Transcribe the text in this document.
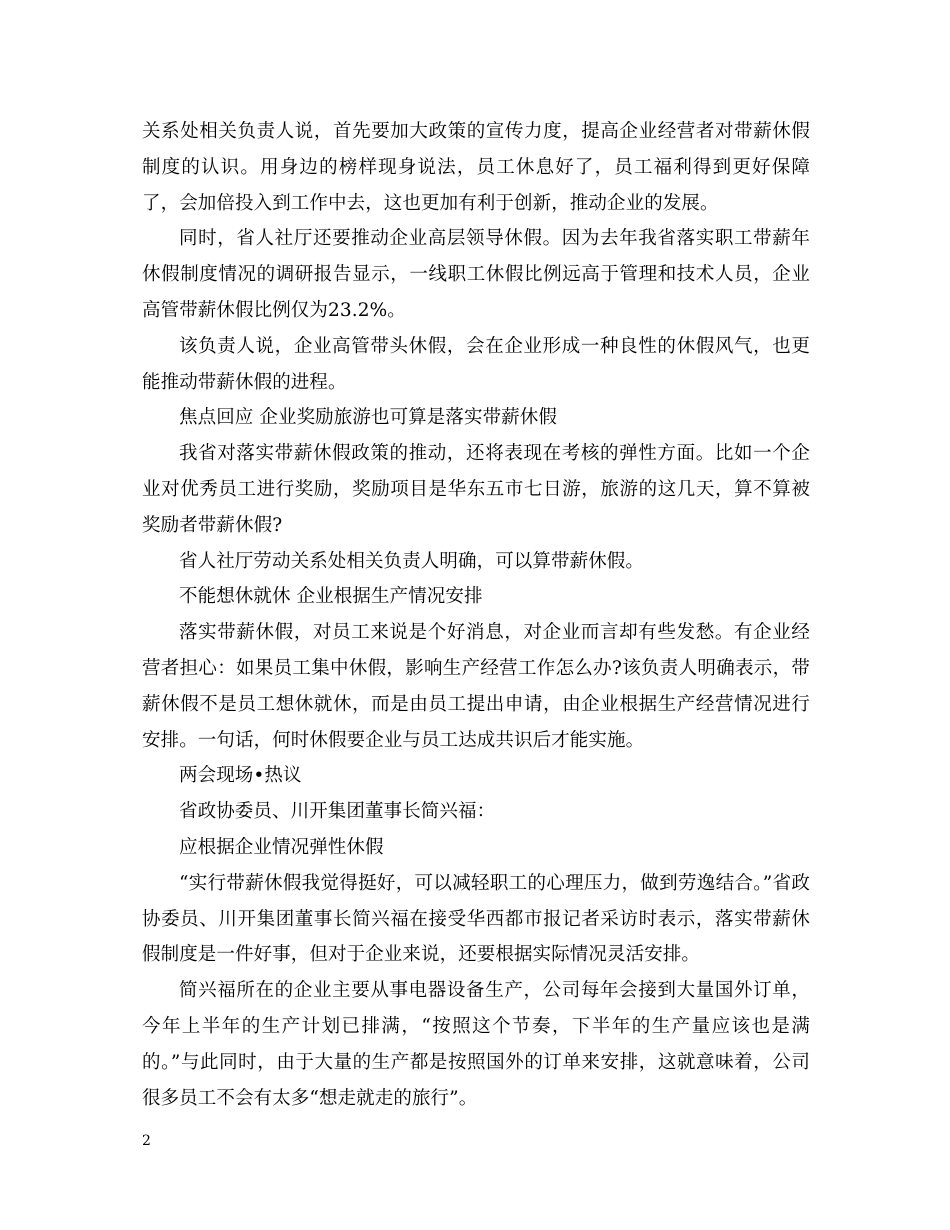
关系处相关负责人说，首先要加大政策的宣传力度，提高企业经营者对带薪休假制度的认识。用身边的榜样现身说法，员工休息好了，员工福利得到更好保障了，会加倍投入到工作中去，这也更加有利于创新，推动企业的发展。

同时，省人社厅还要推动企业高层领导休假。因为去年我省落实职工带薪年休假制度情况的调研报告显示，一线职工休假比例远高于管理和技术人员，企业高管带薪休假比例仅为23.2%。

该负责人说，企业高管带头休假，会在企业形成一种良性的休假风气，也更能推动带薪休假的进程。

焦点回应 企业奖励旅游也可算是落实带薪休假

我省对落实带薪休假政策的推动，还将表现在考核的弹性方面。比如一个企业对优秀员工进行奖励，奖励项目是华东五市七日游，旅游的这几天，算不算被奖励者带薪休假?

省人社厅劳动关系处相关负责人明确，可以算带薪休假。

不能想休就休 企业根据生产情况安排

落实带薪休假，对员工来说是个好消息，对企业而言却有些发愁。有企业经营者担心：如果员工集中休假，影响生产经营工作怎么办?该负责人明确表示，带薪休假不是员工想休就休，而是由员工提出申请，由企业根据生产经营情况进行安排。一句话，何时休假要企业与员工达成共识后才能实施。

两会现场•热议

省政协委员、川开集团董事长简兴福：

应根据企业情况弹性休假

“实行带薪休假我觉得挺好，可以减轻职工的心理压力，做到劳逸结合。”省政协委员、川开集团董事长简兴福在接受华西都市报记者采访时表示，落实带薪休假制度是一件好事，但对于企业来说，还要根据实际情况灵活安排。

简兴福所在的企业主要从事电器设备生产，公司每年会接到大量国外订单，今年上半年的生产计划已排满，“按照这个节奏，下半年的生产量应该也是满的。”与此同时，由于大量的生产都是按照国外的订单来安排，这就意味着，公司很多员工不会有太多“想走就走的旅行”。

2
